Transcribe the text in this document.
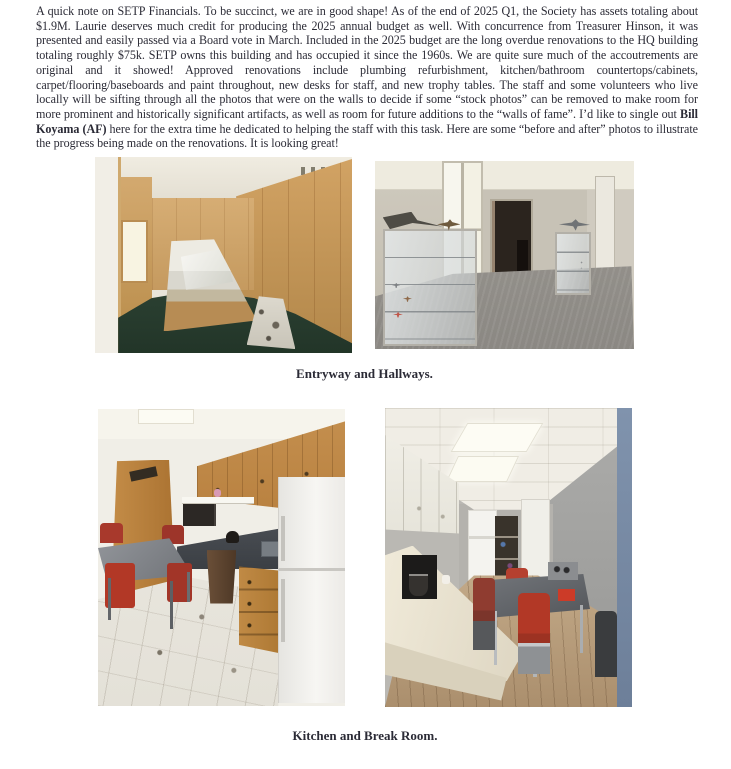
A quick note on SETP Financials. To be succinct, we are in good shape! As of the end of 2025 Q1, the Society has assets totaling about $1.9M. Laurie deserves much credit for producing the 2025 annual budget as well. With concurrence from Treasurer Hinson, it was presented and easily passed via a Board vote in March. Included in the 2025 budget are the long overdue renovations to the HQ building totaling roughly $75k. SETP owns this building and has occupied it since the 1960s. We are quite sure much of the accoutrements are original and it showed! Approved renovations include plumbing refurbishment, kitchen/bathroom countertops/cabinets, carpet/flooring/baseboards and paint throughout, new desks for staff, and new trophy tables. The staff and some volunteers who live locally will be sifting through all the photos that were on the walls to decide if some “stock photos” can be removed to make room for more prominent and historically significant artifacts, as well as room for future additions to the “walls of fame”. I’d like to single out Bill Koyama (AF) here for the extra time he dedicated to helping the staff with this task. Here are some “before and after” photos to illustrate the progress being made on the renovations. It is looking great!

Entryway and Hallways.
Kitchen and Break Room.
